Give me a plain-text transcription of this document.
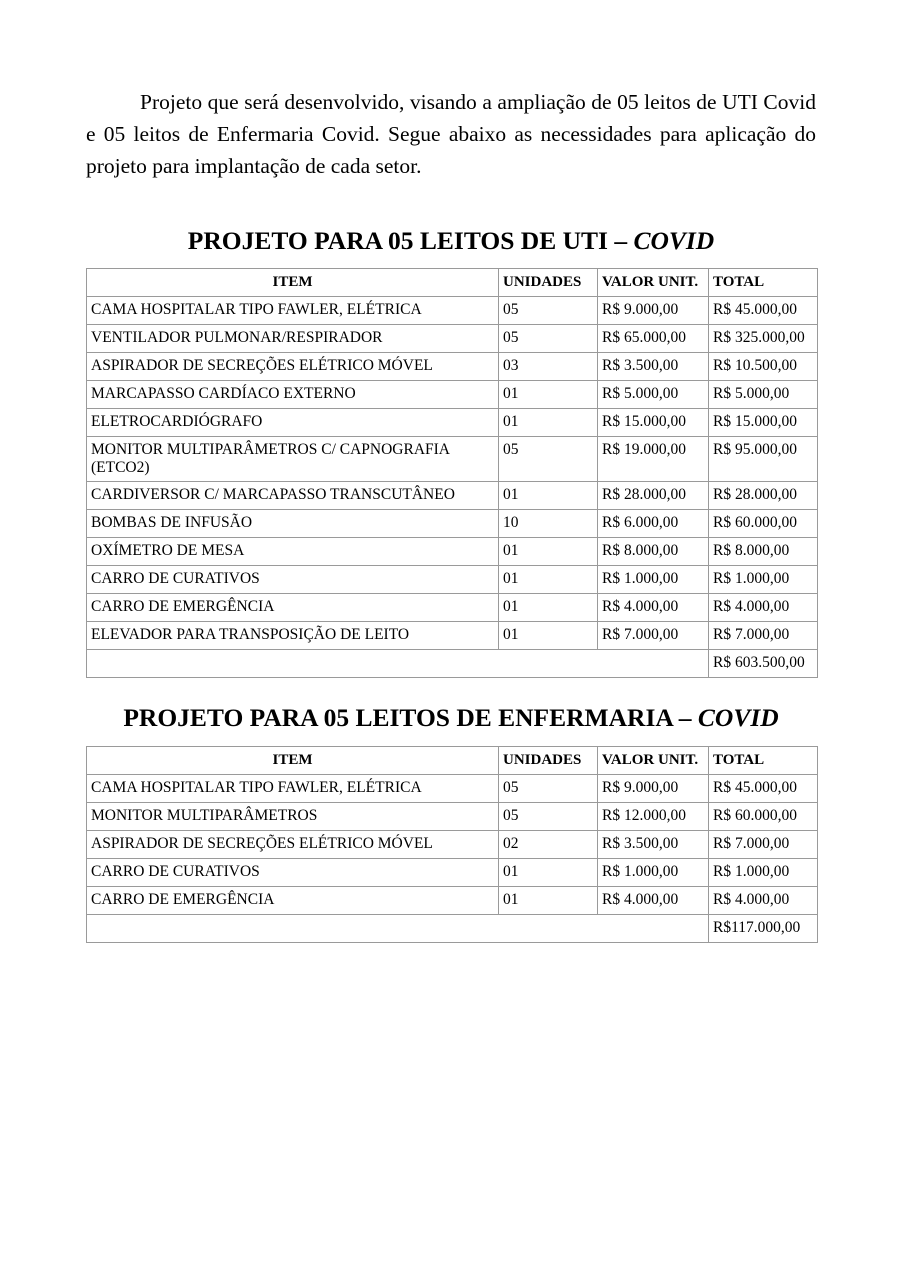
Projeto que será desenvolvido, visando a ampliação de 05 leitos de UTI Covid e 05 leitos de Enfermaria Covid. Segue abaixo as necessidades para aplicação do projeto para implantação de cada setor.

PROJETO PARA 05 LEITOS DE UTI – COVID
ITEM	UNIDADES	VALOR UNIT.	TOTAL
CAMA HOSPITALAR TIPO FAWLER, ELÉTRICA	05	R$ 9.000,00	R$ 45.000,00
VENTILADOR PULMONAR/RESPIRADOR	05	R$ 65.000,00	R$ 325.000,00
ASPIRADOR DE SECREÇÕES ELÉTRICO MÓVEL	03	R$ 3.500,00	R$ 10.500,00
MARCAPASSO CARDÍACO EXTERNO	01	R$ 5.000,00	R$ 5.000,00
ELETROCARDIÓGRAFO	01	R$ 15.000,00	R$ 15.000,00
MONITOR MULTIPARÂMETROS C/ CAPNOGRAFIA (ETCO2)	05	R$ 19.000,00	R$ 95.000,00
CARDIVERSOR C/ MARCAPASSO TRANSCUTÂNEO	01	R$ 28.000,00	R$ 28.000,00
BOMBAS DE INFUSÃO	10	R$ 6.000,00	R$ 60.000,00
OXÍMETRO DE MESA	01	R$ 8.000,00	R$ 8.000,00
CARRO DE CURATIVOS	01	R$ 1.000,00	R$ 1.000,00
CARRO DE EMERGÊNCIA	01	R$ 4.000,00	R$ 4.000,00
ELEVADOR PARA TRANSPOSIÇÃO DE LEITO	01	R$ 7.000,00	R$ 7.000,00
			R$ 603.500,00
PROJETO PARA 05 LEITOS DE ENFERMARIA – COVID
ITEM	UNIDADES	VALOR UNIT.	TOTAL
CAMA HOSPITALAR TIPO FAWLER, ELÉTRICA	05	R$ 9.000,00	R$ 45.000,00
MONITOR MULTIPARÂMETROS	05	R$ 12.000,00	R$ 60.000,00
ASPIRADOR DE SECREÇÕES ELÉTRICO MÓVEL	02	R$ 3.500,00	R$ 7.000,00
CARRO DE CURATIVOS	01	R$ 1.000,00	R$ 1.000,00
CARRO DE EMERGÊNCIA	01	R$ 4.000,00	R$ 4.000,00
			R$117.000,00
